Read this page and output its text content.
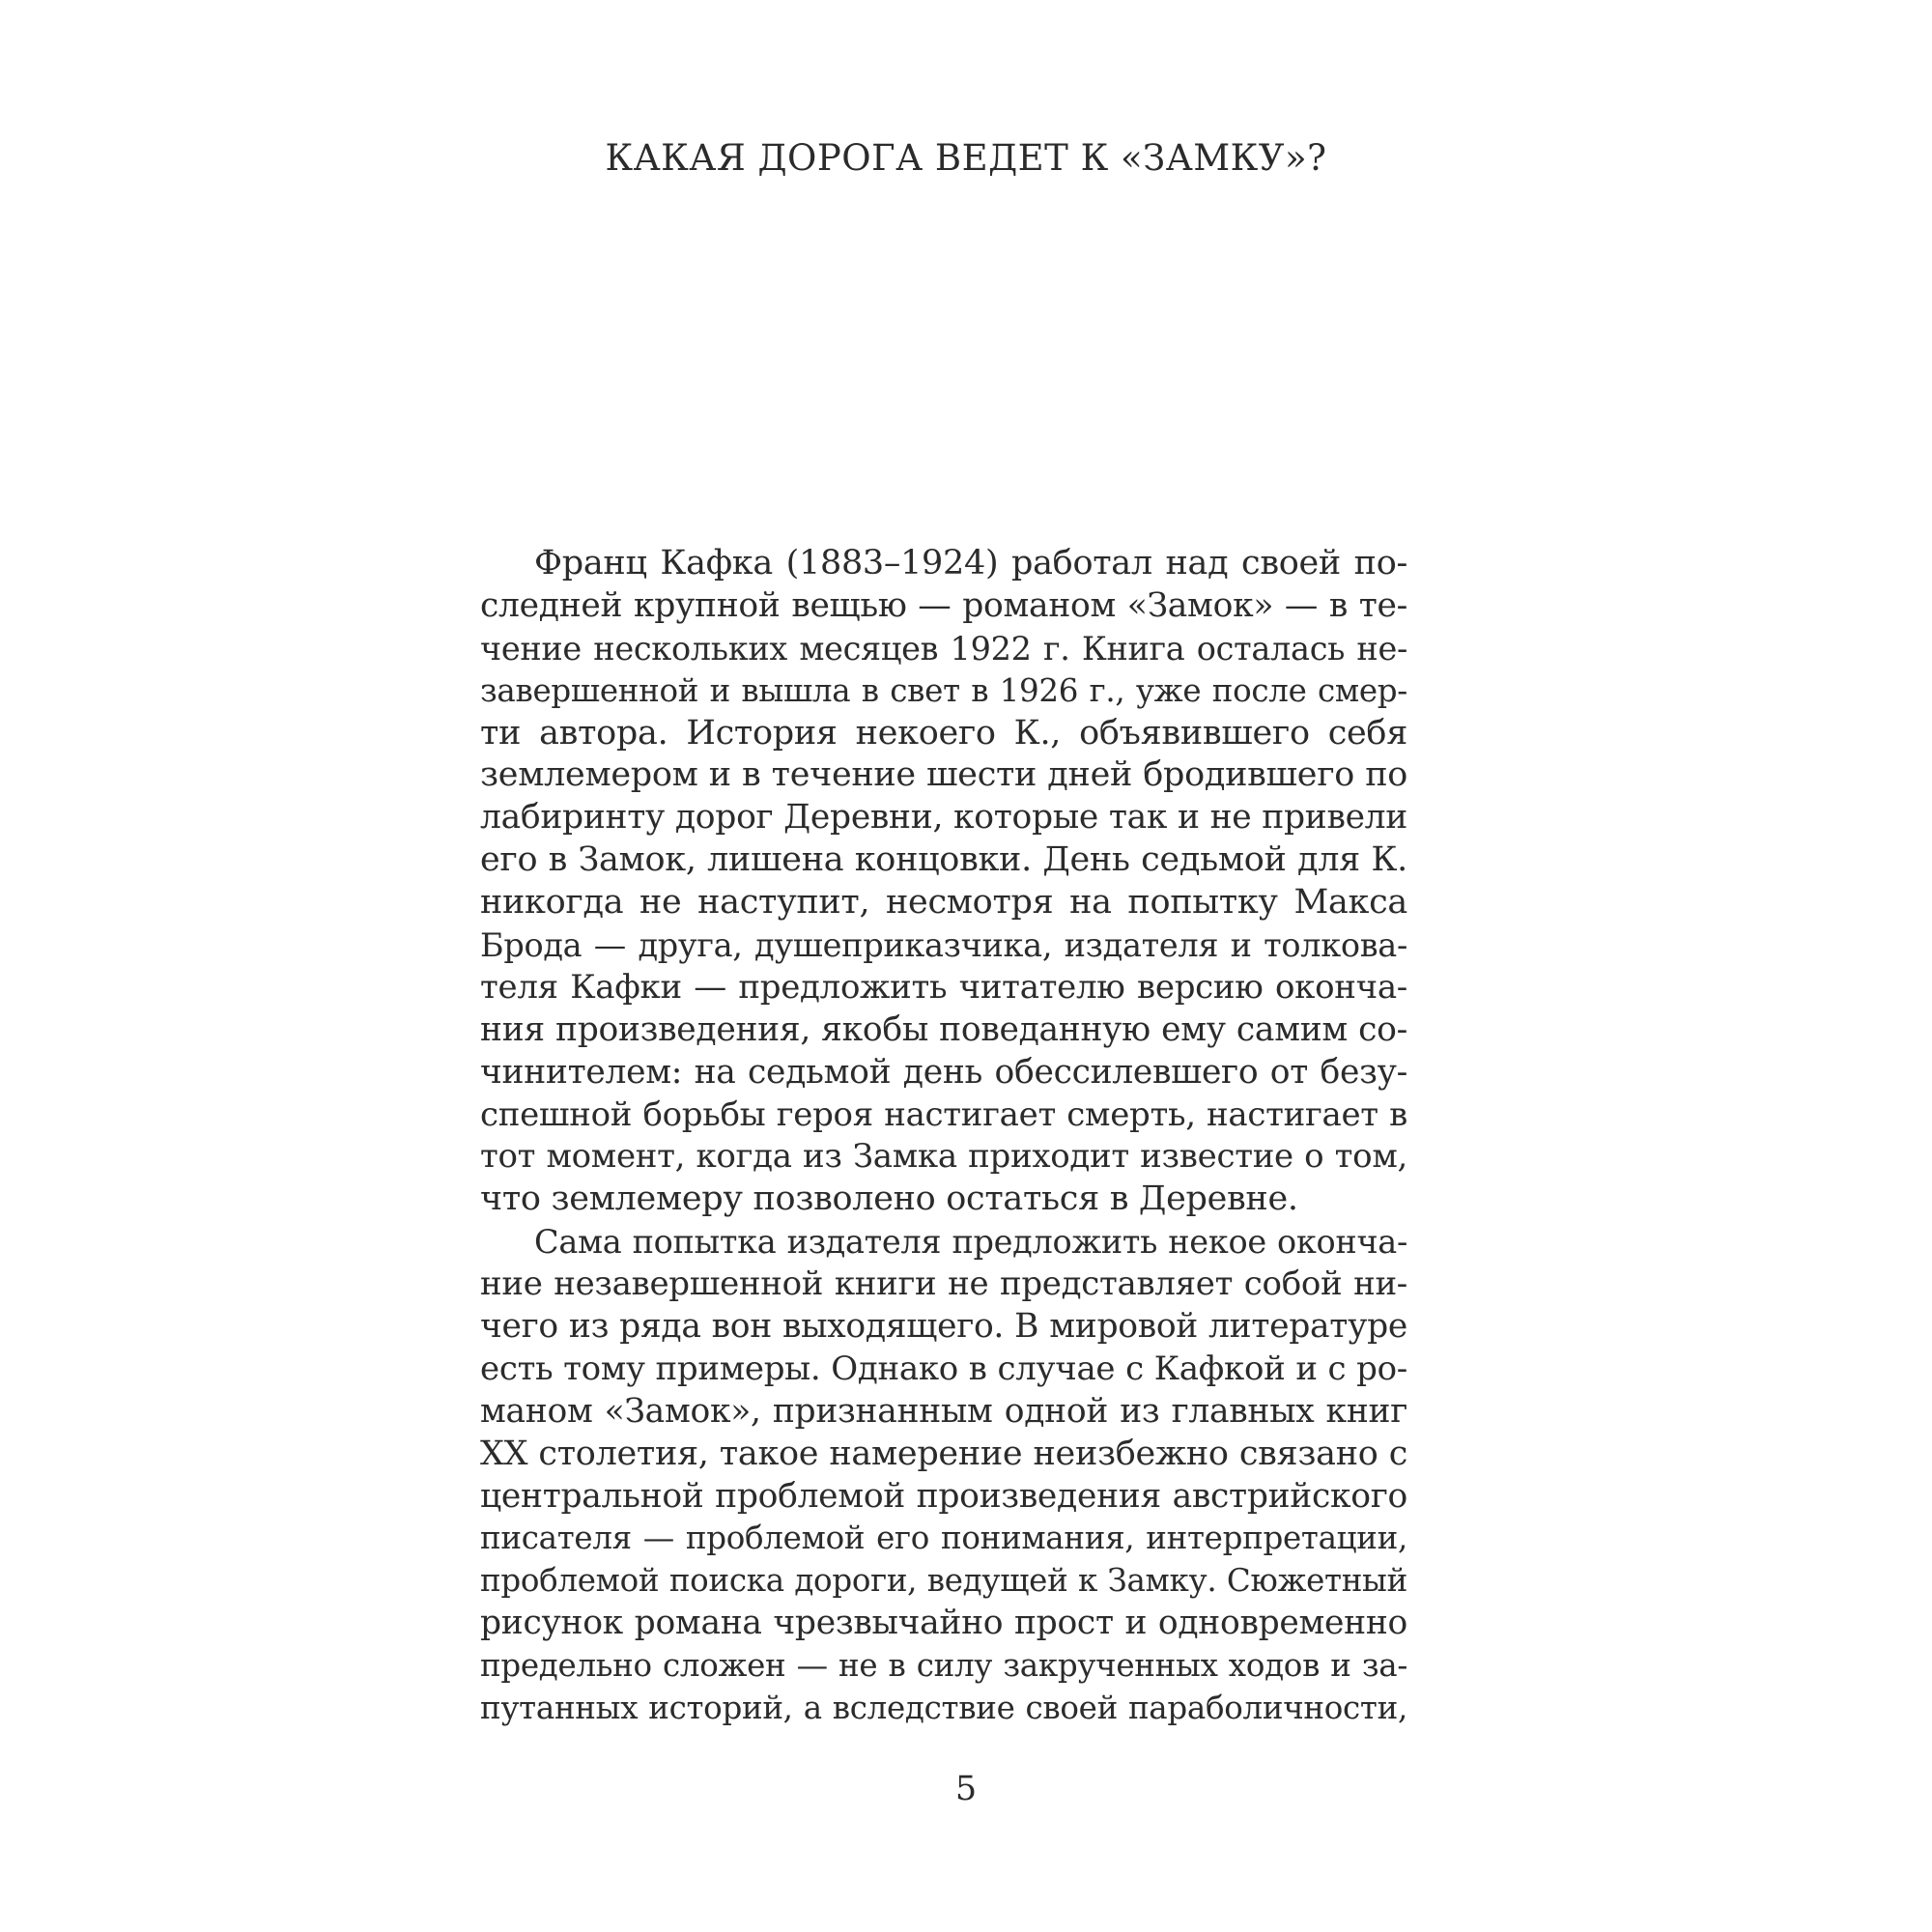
КАКАЯ ДОРОГА ВЕДЕТ К «ЗАМКУ»?

Франц Кафка (1883–1924) работал над своей по-
следней крупной вещью — романом «Замок» — в те-
чение нескольких месяцев 1922 г. Книга осталась не-
завершенной и вышла в свет в 1926 г., уже после смер-
ти автора. История некоего К., объявившего себя
землемером и в течение шести дней бродившего по
лабиринту дорог Деревни, которые так и не привели
его в Замок, лишена концовки. День седьмой для К.
никогда не наступит, несмотря на попытку Макса
Брода — друга, душеприказчика, издателя и толкова-
теля Кафки — предложить читателю версию оконча-
ния произведения, якобы поведанную ему самим со-
чинителем: на седьмой день обессилевшего от безу-
спешной борьбы героя настигает смерть, настигает в
тот момент, когда из Замка приходит известие о том,
что землемеру позволено остаться в Деревне.

Сама попытка издателя предложить некое оконча-
ние незавершенной книги не представляет собой ни-
чего из ряда вон выходящего. В мировой литературе
есть тому примеры. Однако в случае с Кафкой и с ро-
маном «Замок», признанным одной из главных книг
XX столетия, такое намерение неизбежно связано с
центральной проблемой произведения австрийского
писателя — проблемой его понимания, интерпретации,
проблемой поиска дороги, ведущей к Замку. Сюжетный
рисунок романа чрезвычайно прост и одновременно
предельно сложен — не в силу закрученных ходов и за-
путанных историй, а вследствие своей параболичности,

5
